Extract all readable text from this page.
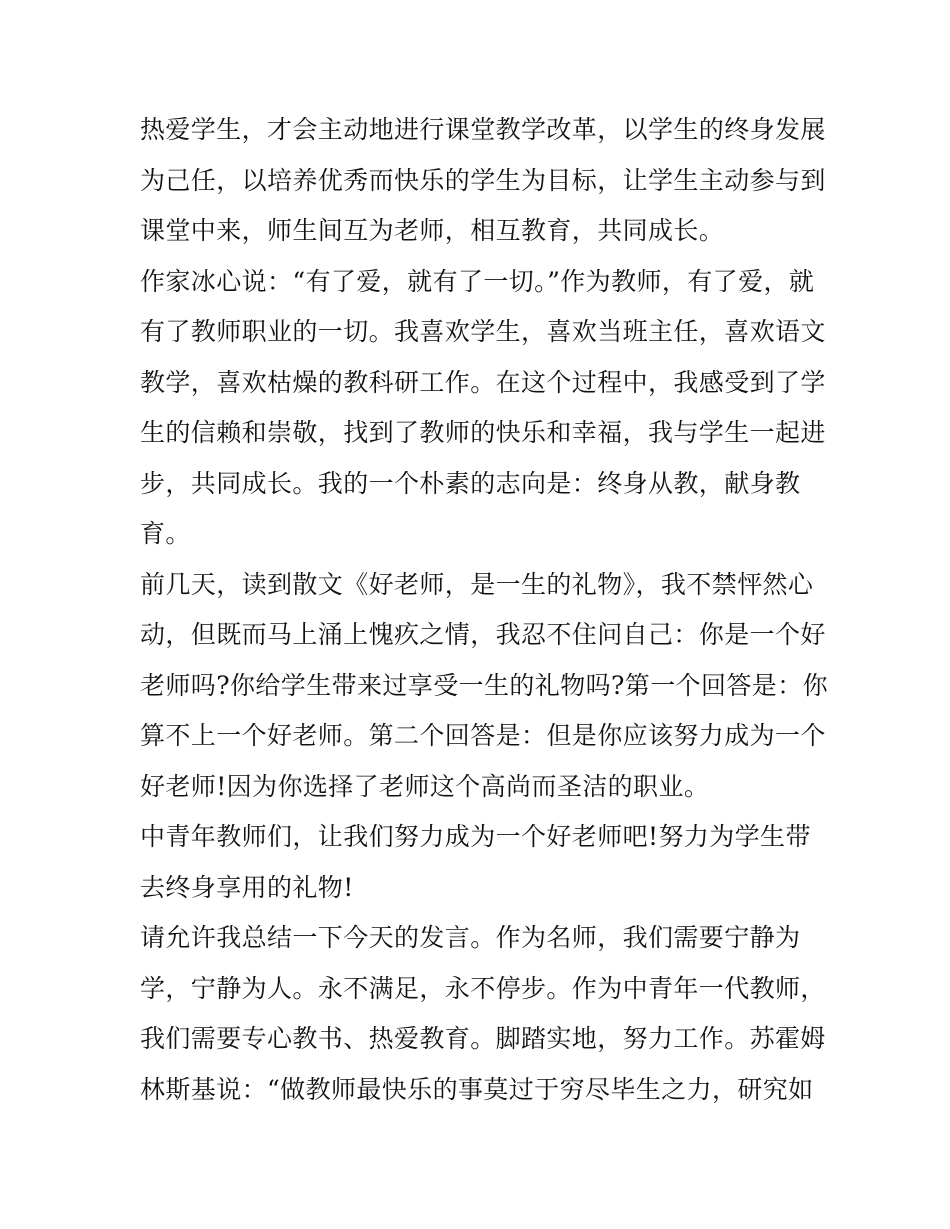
热爱学生，才会主动地进行课堂教学改革，以学生的终身发展
为己任，以培养优秀而快乐的学生为目标，让学生主动参与到
课堂中来，师生间互为老师，相互教育，共同成长。
作家冰心说：“有了爱，就有了一切。”作为教师，有了爱，就
有了教师职业的一切。我喜欢学生，喜欢当班主任，喜欢语文
教学，喜欢枯燥的教科研工作。在这个过程中，我感受到了学
生的信赖和崇敬，找到了教师的快乐和幸福，我与学生一起进
步，共同成长。我的一个朴素的志向是：终身从教，献身教
育。
前几天，读到散文《好老师，是一生的礼物》，我不禁怦然心
动，但既而马上涌上愧疚之情，我忍不住问自己：你是一个好
老师吗?你给学生带来过享受一生的礼物吗?第一个回答是：你
算不上一个好老师。第二个回答是：但是你应该努力成为一个
好老师!因为你选择了老师这个高尚而圣洁的职业。
中青年教师们，让我们努力成为一个好老师吧!努力为学生带
去终身享用的礼物!
请允许我总结一下今天的发言。作为名师，我们需要宁静为
学，宁静为人。永不满足，永不停步。作为中青年一代教师，
我们需要专心教书、热爱教育。脚踏实地，努力工作。苏霍姆
林斯基说：“做教师最快乐的事莫过于穷尽毕生之力，研究如
